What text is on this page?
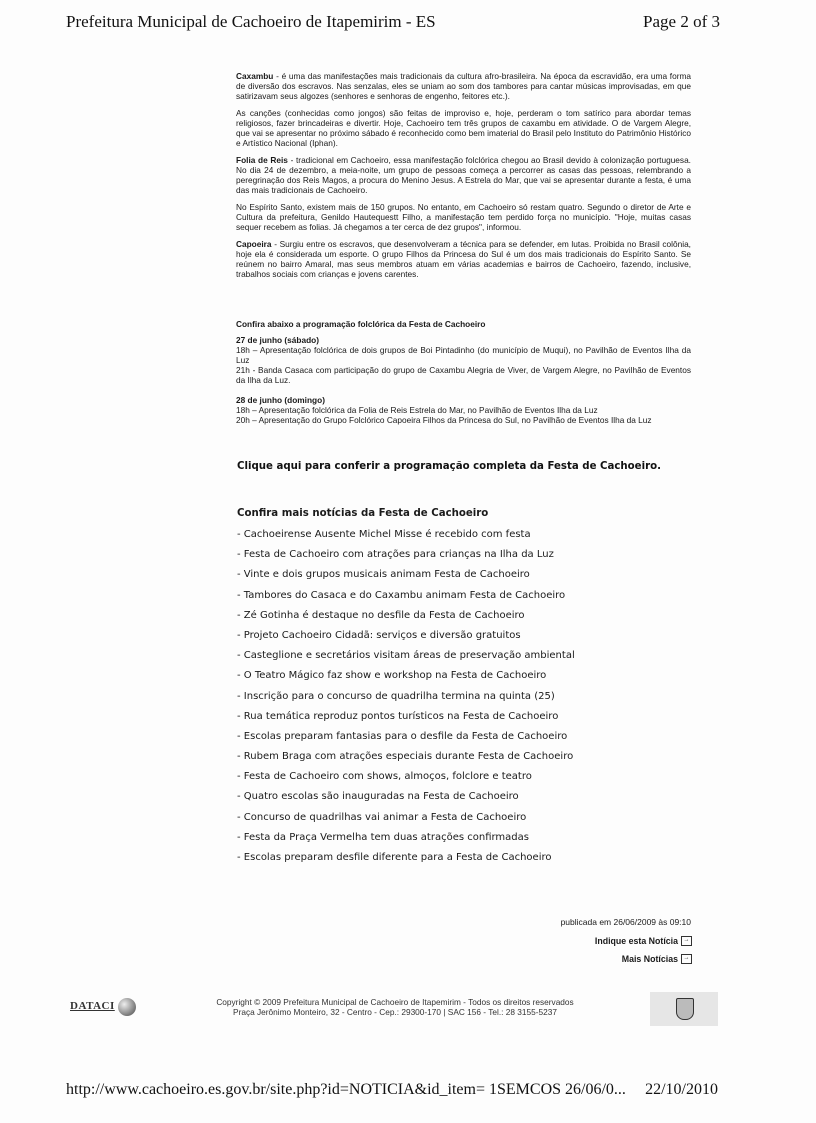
Prefeitura Municipal de Cachoeiro de Itapemirim - ES	Page 2 of 3

Caxambu - é uma das manifestações mais tradicionais da cultura afro-brasileira. Na época da escravidão, era uma forma de diversão dos escravos. Nas senzalas, eles se uniam ao som dos tambores para cantar músicas improvisadas, em que satirizavam seus algozes (senhores e senhoras de engenho, feitores etc.).

As canções (conhecidas como jongos) são feitas de improviso e, hoje, perderam o tom satírico para abordar temas religiosos, fazer brincadeiras e divertir. Hoje, Cachoeiro tem três grupos de caxambu em atividade. O de Vargem Alegre, que vai se apresentar no próximo sábado é reconhecido como bem imaterial do Brasil pelo Instituto do Patrimônio Histórico e Artístico Nacional (Iphan).

Folia de Reis - tradicional em Cachoeiro, essa manifestação folclórica chegou ao Brasil devido à colonização portuguesa. No dia 24 de dezembro, a meia-noite, um grupo de pessoas começa a percorrer as casas das pessoas, relembrando a peregrinação dos Reis Magos, a procura do Menino Jesus. A Estrela do Mar, que vai se apresentar durante a festa, é uma das mais tradicionais de Cachoeiro.

No Espírito Santo, existem mais de 150 grupos. No entanto, em Cachoeiro só restam quatro. Segundo o diretor de Arte e Cultura da prefeitura, Genildo Hautequestt Filho, a manifestação tem perdido força no município. "Hoje, muitas casas sequer recebem as folias. Já chegamos a ter cerca de dez grupos", informou.

Capoeira - Surgiu entre os escravos, que desenvolveram a técnica para se defender, em lutas. Proibida no Brasil colônia, hoje ela é considerada um esporte. O grupo Filhos da Princesa do Sul é um dos mais tradicionais do Espírito Santo. Se reúnem no bairro Amaral, mas seus membros atuam em várias academias e bairros de Cachoeiro, fazendo, inclusive, trabalhos sociais com crianças e jovens carentes.

Confira abaixo a programação folclórica da Festa de Cachoeiro
27 de junho (sábado)
18h – Apresentação folclórica de dois grupos de Boi Pintadinho (do município de Muqui), no Pavilhão de Eventos Ilha da Luz
21h - Banda Casaca com participação do grupo de Caxambu Alegria de Viver, de Vargem Alegre, no Pavilhão de Eventos da Ilha da Luz.
28 de junho (domingo)
18h – Apresentação folclórica da Folia de Reis Estrela do Mar, no Pavilhão de Eventos Ilha da Luz
20h – Apresentação do Grupo Folclórico Capoeira Filhos da Princesa do Sul, no Pavilhão de Eventos Ilha da Luz
Clique aqui para conferir a programação completa da Festa de Cachoeiro.
Confira mais notícias da Festa de Cachoeiro
- Cachoeirense Ausente Michel Misse é recebido com festa
- Festa de Cachoeiro com atrações para crianças na Ilha da Luz
- Vinte e dois grupos musicais animam Festa de Cachoeiro
- Tambores do Casaca e do Caxambu animam Festa de Cachoeiro
- Zé Gotinha é destaque no desfile da Festa de Cachoeiro
- Projeto Cachoeiro Cidadã: serviços e diversão gratuitos
- Casteglione e secretários visitam áreas de preservação ambiental
- O Teatro Mágico faz show e workshop na Festa de Cachoeiro
- Inscrição para o concurso de quadrilha termina na quinta (25)
- Rua temática reproduz pontos turísticos na Festa de Cachoeiro
- Escolas preparam fantasias para o desfile da Festa de Cachoeiro
- Rubem Braga com atrações especiais durante Festa de Cachoeiro
- Festa de Cachoeiro com shows, almoços, folclore e teatro
- Quatro escolas são inauguradas na Festa de Cachoeiro
- Concurso de quadrilhas vai animar a Festa de Cachoeiro
- Festa da Praça Vermelha tem duas atrações confirmadas
- Escolas preparam desfile diferente para a Festa de Cachoeiro
publicada em 26/06/2009 às 09:10
Indique esta Notícia →
Mais Notícias →
DATACI	Copyright © 2009 Prefeitura Municipal de Cachoeiro de Itapemirim - Todos os direitos reservados
Praça Jerônimo Monteiro, 32 - Centro - Cep.: 29300-170 | SAC 156 - Tel.: 28 3155-5237
http://www.cachoeiro.es.gov.br/site.php?id=NOTICIA&id_item= 1SEMCOS 26/06/0... 22/10/2010
